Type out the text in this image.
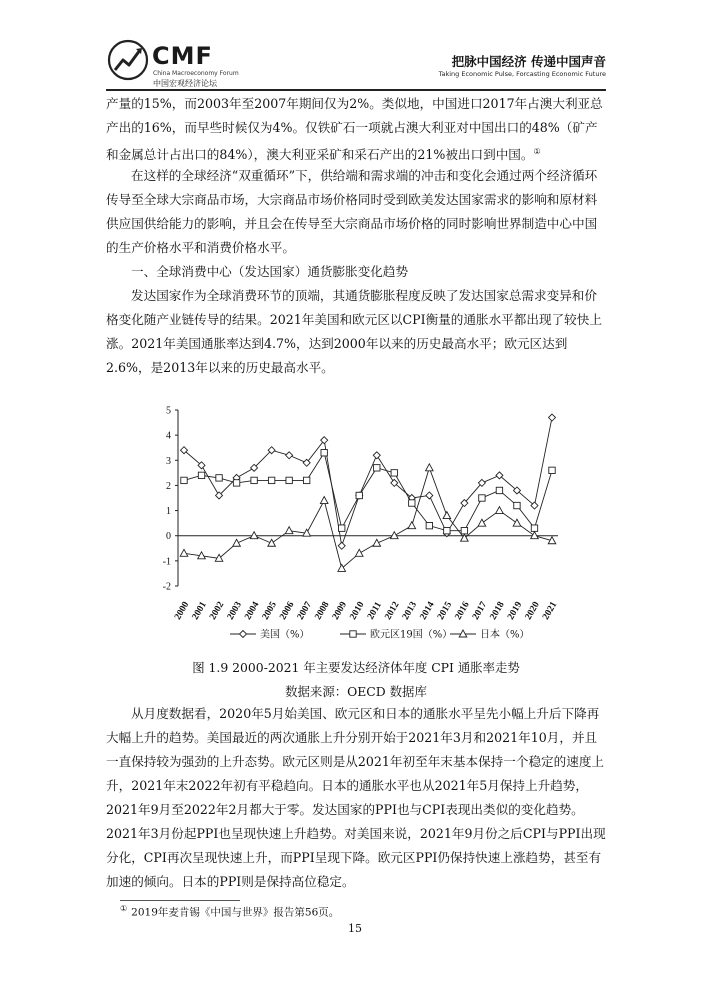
CMF
China Macroeconomy Forum
中国宏观经济论坛
把脉中国经济 传递中国声音
Taking Economic Pulse, Forcasting Economic Future

产量的15%，而2003年至2007年期间仅为2%。类似地，中国进口2017年占澳大利亚总产出的16%，而早些时候仅为4%。仅铁矿石一项就占澳大利亚对中国出口的48%（矿产和金属总计占出口的84%），澳大利亚采矿和采石产出的21%被出口到中国。①

在这样的全球经济“双重循环”下，供给端和需求端的冲击和变化会通过两个经济循环传导至全球大宗商品市场，大宗商品市场价格同时受到欧美发达国家需求的影响和原材料供应国供给能力的影响，并且会在传导至大宗商品市场价格的同时影响世界制造中心中国的生产价格水平和消费价格水平。

一、全球消费中心（发达国家）通货膨胀变化趋势

发达国家作为全球消费环节的顶端，其通货膨胀程度反映了发达国家总需求变异和价格变化随产业链传导的结果。2021年美国和欧元区以CPI衡量的通胀水平都出现了较快上涨。2021年美国通胀率达到4.7%，达到2000年以来的历史最高水平；欧元区达到2.6%，是2013年以来的历史最高水平。

5
4
3
2
1
0
-1
-2
2000 2001 2002 2003 2004 2005 2006 2007 2008 2009 2010 2011 2012 2013 2014 2015 2016 2017 2018 2019 2020 2021
美国（%）	欧元区19国（%）	日本（%）
图 1.9 2000-2021 年主要发达经济体年度 CPI 通胀率走势
数据来源：OECD 数据库

从月度数据看，2020年5月始美国、欧元区和日本的通胀水平呈先小幅上升后下降再大幅上升的趋势。美国最近的两次通胀上升分别开始于2021年3月和2021年10月，并且一直保持较为强劲的上升态势。欧元区则是从2021年初至年末基本保持一个稳定的速度上升，2021年末2022年初有平稳趋向。日本的通胀水平也从2021年5月保持上升趋势，2021年9月至2022年2月都大于零。发达国家的PPI也与CPI表现出类似的变化趋势。2021年3月份起PPI也呈现快速上升趋势。对美国来说，2021年9月份之后CPI与PPI出现分化，CPI再次呈现快速上升，而PPI呈现下降。欧元区PPI仍保持快速上涨趋势，甚至有加速的倾向。日本的PPI则是保持高位稳定。

① 2019年麦肯锡《中国与世界》报告第56页。
15
